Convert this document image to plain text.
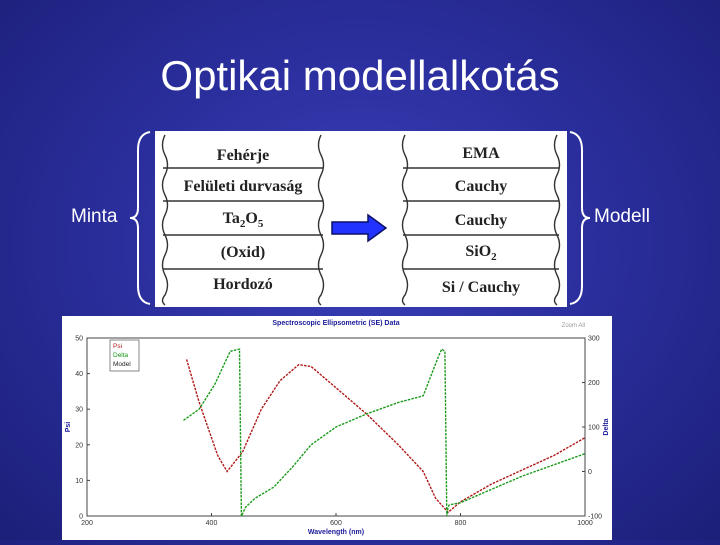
Optikai modellalkotás
Minta	Modell
Fehérje
Felületi durvaság
$Ta_2O_5$
(Oxid)
Hordozó
EMA
Cauchy
Cauchy
SiO$_2$
Si / Cauchy
Spectroscopic Ellipsometric (SE) Data	Zoom All
200	400	600	800	1000
0
10
20
30
40
50
-100
0
100
200
300
Wavelength (nm)
Psi	Delta
Psi
Delta
Model
